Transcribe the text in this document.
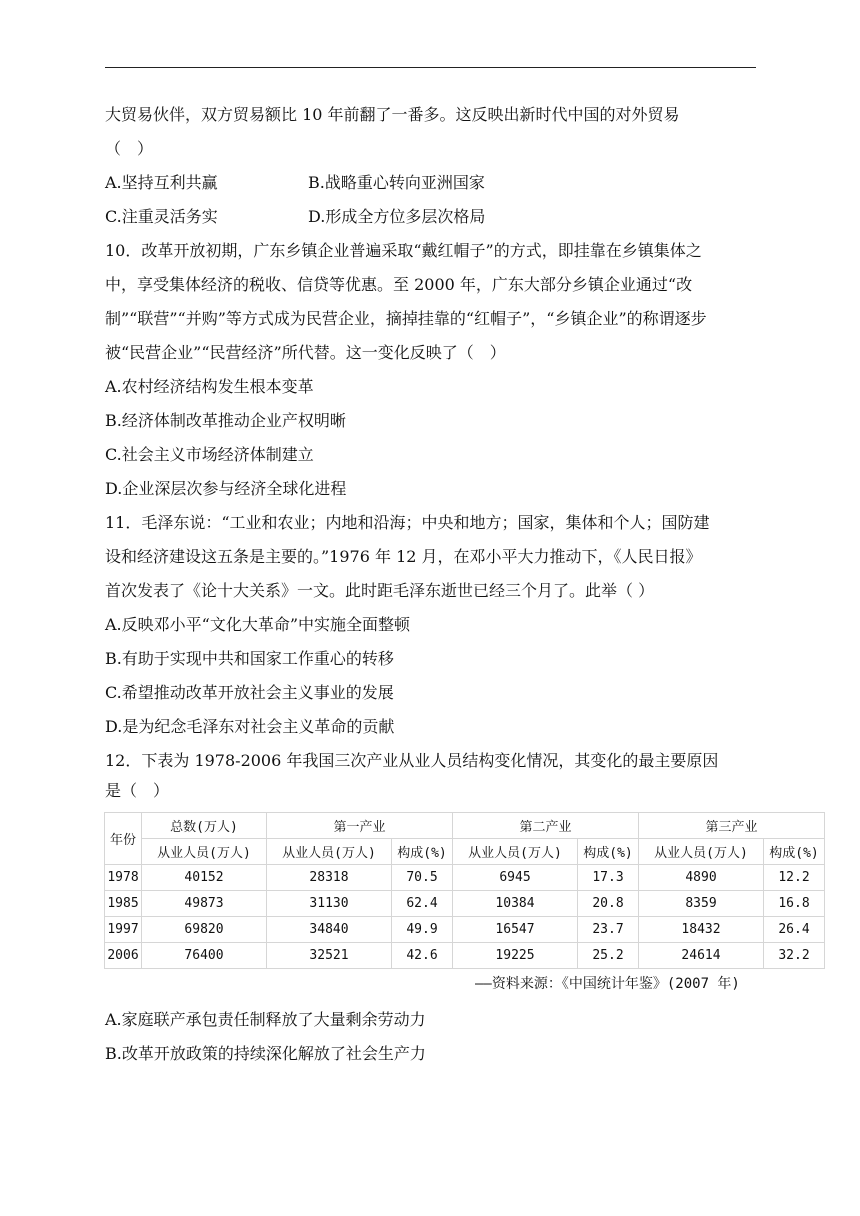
大贸易伙伴，双方贸易额比 10 年前翻了一番多。这反映出新时代中国的对外贸易
（　）
A.坚持互利共赢	B.战略重心转向亚洲国家
C.注重灵活务实	D.形成全方位多层次格局
10．改革开放初期，广东乡镇企业普遍采取“戴红帽子”的方式，即挂靠在乡镇集体之
中，享受集体经济的税收、信贷等优惠。至 2000 年，广东大部分乡镇企业通过“改
制”“联营”“并购”等方式成为民营企业，摘掉挂靠的“红帽子”，“乡镇企业”的称谓逐步
被“民营企业”“民营经济”所代替。这一变化反映了（　）
A.农村经济结构发生根本变革
B.经济体制改革推动企业产权明晰
C.社会主义市场经济体制建立
D.企业深层次参与经济全球化进程
11．毛泽东说：“工业和农业；内地和沿海；中央和地方；国家，集体和个人；国防建
设和经济建设这五条是主要的。”1976 年 12 月，在邓小平大力推动下，《人民日报》
首次发表了《论十大关系》一文。此时距毛泽东逝世已经三个月了。此举（ ）
A.反映邓小平“文化大革命”中实施全面整顿
B.有助于实现中共和国家工作重心的转移
C.希望推动改革开放社会主义事业的发展
D.是为纪念毛泽东对社会主义革命的贡献
12．下表为 1978-2006 年我国三次产业从业人员结构变化情况，其变化的最主要原因
是（　）
年份	总数(万人)	第一产业		第二产业		第三产业	
	从业人员(万人)	从业人员(万人)	构成(%)	从业人员(万人)	构成(%)	从业人员(万人)	构成(%)
1978	40152	28318	70.5	6945	17.3	4890	12.2
1985	49873	31130	62.4	10384	20.8	8359	16.8
1997	69820	34840	49.9	16547	23.7	18432	26.4
2006	76400	32521	42.6	19225	25.2	24614	32.2
——资料来源：《中国统计年鉴》(2007 年)
A.家庭联产承包责任制释放了大量剩余劳动力
B.改革开放政策的持续深化解放了社会生产力
